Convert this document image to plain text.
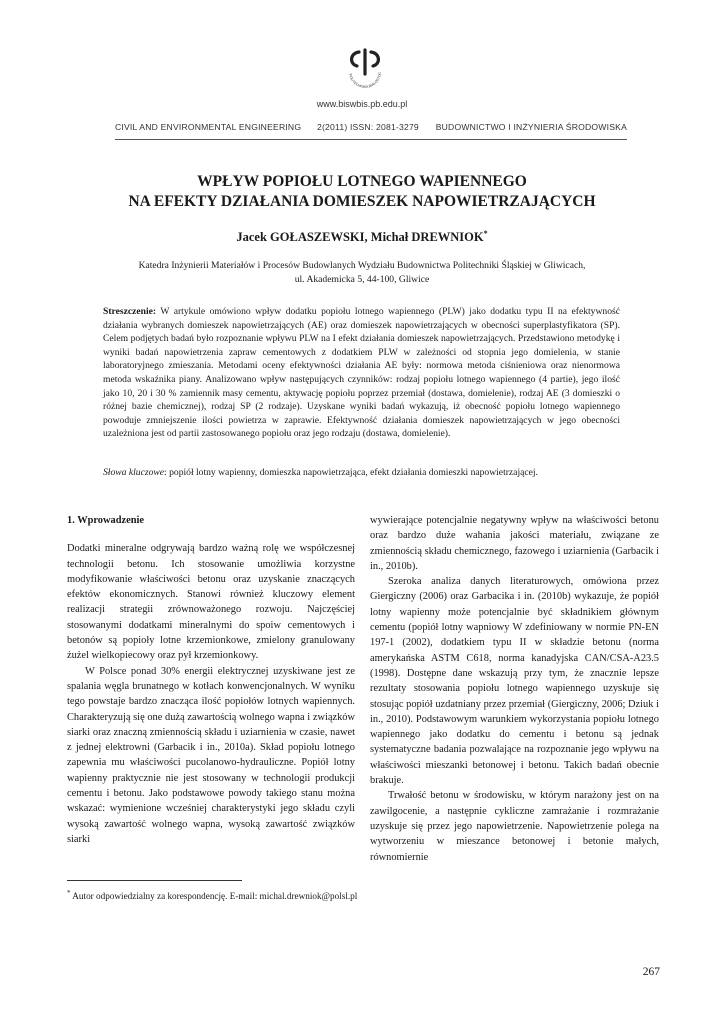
POLITECHNIKA BIAŁOSTOC
www.biswbis.pb.edu.pl
CIVIL AND ENVIRONMENTAL ENGINEERING 2(2011) ISSN: 2081-3279 BUDOWNICTWO I INŻYNIERIA ŚRODOWISKA
WPŁYW POPIOŁU LOTNEGO WAPIENNEGO
NA EFEKTY DZIAŁANIA DOMIESZEK NAPOWIETRZAJĄCYCH
Jacek GOŁASZEWSKI, Michał DREWNIOK*
Katedra Inżynierii Materiałów i Procesów Budowlanych Wydziału Budownictwa Politechniki Śląskiej w Gliwicach,
ul. Akademicka 5, 44-100, Gliwice

Streszczenie: W artykule omówiono wpływ dodatku popiołu lotnego wapiennego (PLW) jako dodatku typu II na efektywność działania wybranych domieszek napowietrzających (AE) oraz domieszek napowietrzających w obecności superplastyfikatora (SP). Celem podjętych badań było rozpoznanie wpływu PLW na I efekt działania domieszek napowietrzających. Przedstawiono metodykę i wyniki badań napowietrzenia zapraw cementowych z dodatkiem PLW w zależności od stopnia jego domielenia, w stanie laboratoryjnego zmieszania. Metodami oceny efektywności działania AE były: normowa metoda ciśnieniowa oraz nienormowa metoda wskaźnika piany. Analizowano wpływ następujących czynników: rodzaj popiołu lotnego wapiennego (4 partie), jego ilość jako 10, 20 i 30 % zamiennik masy cementu, aktywację popiołu poprzez przemiał (dostawa, domielenie), rodzaj AE (3 domieszki o różnej bazie chemicznej), rodzaj SP (2 rodzaje). Uzyskane wyniki badań wykazują, iż obecność popiołu lotnego wapiennego powoduje zmniejszenie ilości powietrza w zaprawie. Efektywność działania domieszek napowietrzających w jego obecności uzależniona jest od partii zastosowanego popiołu oraz jego rodzaju (dostawa, domielenie).

Słowa kluczowe: popiół lotny wapienny, domieszka napowietrzająca, efekt działania domieszki napowietrzającej.

1. Wprowadzenie

Dodatki mineralne odgrywają bardzo ważną rolę we współczesnej technologii betonu. Ich stosowanie umożliwia korzystne modyfikowanie właściwości betonu oraz uzyskanie znaczących efektów ekonomicznych. Stanowi również kluczowy element realizacji strategii zrównoważonego rozwoju. Najczęściej stosowanymi dodatkami mineralnymi do spoiw cementowych i betonów są popioły lotne krzemionkowe, zmielony granulowany żużel wielkopiecowy oraz pył krzemionkowy.

W Polsce ponad 30% energii elektrycznej uzyskiwane jest ze spalania węgla brunatnego w kotłach konwencjonalnych. W wyniku tego powstaje bardzo znacząca ilość popiołów lotnych wapiennych. Charakteryzują się one dużą zawartością wolnego wapna i związków siarki oraz znaczną zmiennością składu i uziarnienia w czasie, nawet z jednej elektrowni (Garbacik i in., 2010a). Skład popiołu lotnego zapewnia mu właściwości pucolanowo-hydrauliczne. Popiół lotny wapienny praktycznie nie jest stosowany w technologii produkcji cementu i betonu. Jako podstawowe powody takiego stanu można wskazać: wymienione wcześniej charakterystyki jego składu czyli wysoką zawartość wolnego wapna, wysoką zawartość związków siarki

wywierające potencjalnie negatywny wpływ na właściwości betonu oraz bardzo duże wahania jakości materiału, związane ze zmiennością składu chemicznego, fazowego i uziarnienia (Garbacik i in., 2010b).

Szeroka analiza danych literaturowych, omówiona przez Giergiczny (2006) oraz Garbacika i in. (2010b) wykazuje, że popiół lotny wapienny może potencjalnie być składnikiem głównym cementu (popiół lotny wapniowy W zdefiniowany w normie PN-EN 197-1 (2002), dodatkiem typu II w składzie betonu (norma amerykańska ASTM C618, norma kanadyjska CAN/CSA-A23.5 (1998). Dostępne dane wskazują przy tym, że znacznie lepsze rezultaty stosowania popiołu lotnego wapiennego uzyskuje się stosując popiół uzdatniany przez przemiał (Giergiczny, 2006; Dziuk i in., 2010). Podstawowym warunkiem wykorzystania popiołu lotnego wapiennego jako dodatku do cementu i betonu są jednak systematyczne badania pozwalające na rozpoznanie jego wpływu na właściwości mieszanki betonowej i betonu. Takich badań obecnie brakuje.

Trwałość betonu w środowisku, w którym narażony jest on na zawilgocenie, a następnie cykliczne zamrażanie i rozmrażanie uzyskuje się przez jego napowietrzenie. Napowietrzenie polega na wytworzeniu w mieszance betonowej i betonie małych, równomiernie

* Autor odpowiedzialny za korespondencję. E-mail: michal.drewniok@polsl.pl
267
